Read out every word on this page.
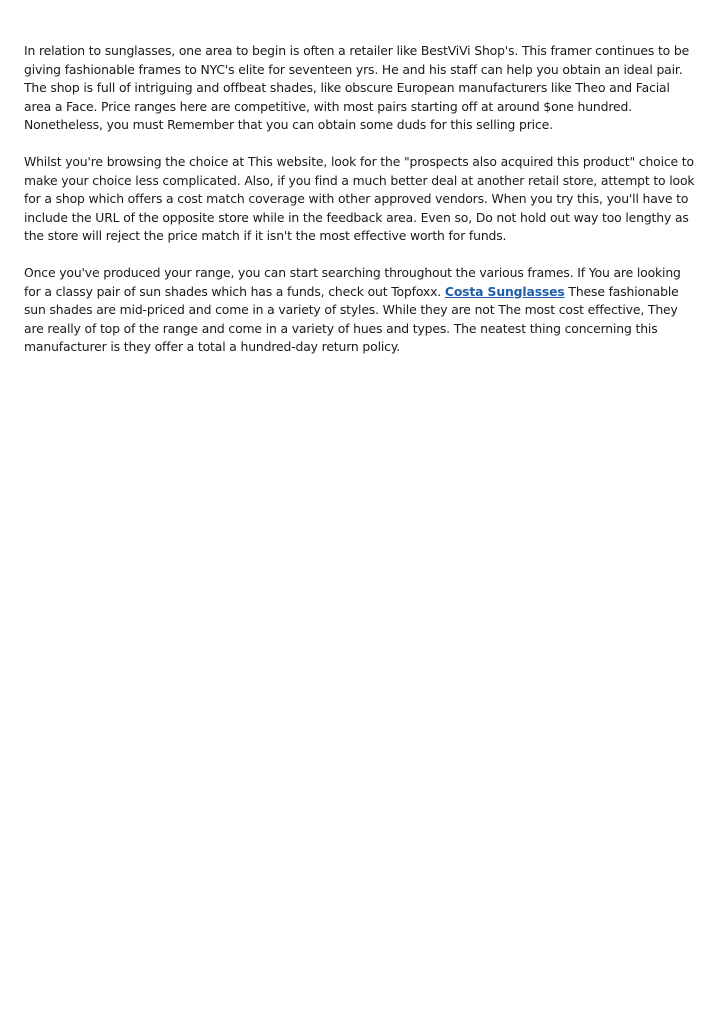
In relation to sunglasses, one area to begin is often a retailer like BestViVi Shop's. This framer continues to be giving fashionable frames to NYC's elite for seventeen yrs. He and his staff can help you obtain an ideal pair. The shop is full of intriguing and offbeat shades, like obscure European manufacturers like Theo and Facial area a Face. Price ranges here are competitive, with most pairs starting off at around $one hundred. Nonetheless, you must Remember that you can obtain some duds for this selling price.

Whilst you're browsing the choice at This website, look for the "prospects also acquired this product" choice to make your choice less complicated. Also, if you find a much better deal at another retail store, attempt to look for a shop which offers a cost match coverage with other approved vendors. When you try this, you'll have to include the URL of the opposite store while in the feedback area. Even so, Do not hold out way too lengthy as the store will reject the price match if it isn't the most effective worth for funds.

Once you've produced your range, you can start searching throughout the various frames. If You are looking for a classy pair of sun shades which has a funds, check out Topfoxx. Costa Sunglasses These fashionable sun shades are mid-priced and come in a variety of styles. While they are not The most cost effective, They are really of top of the range and come in a variety of hues and types. The neatest thing concerning this manufacturer is they offer a total a hundred-day return policy.
